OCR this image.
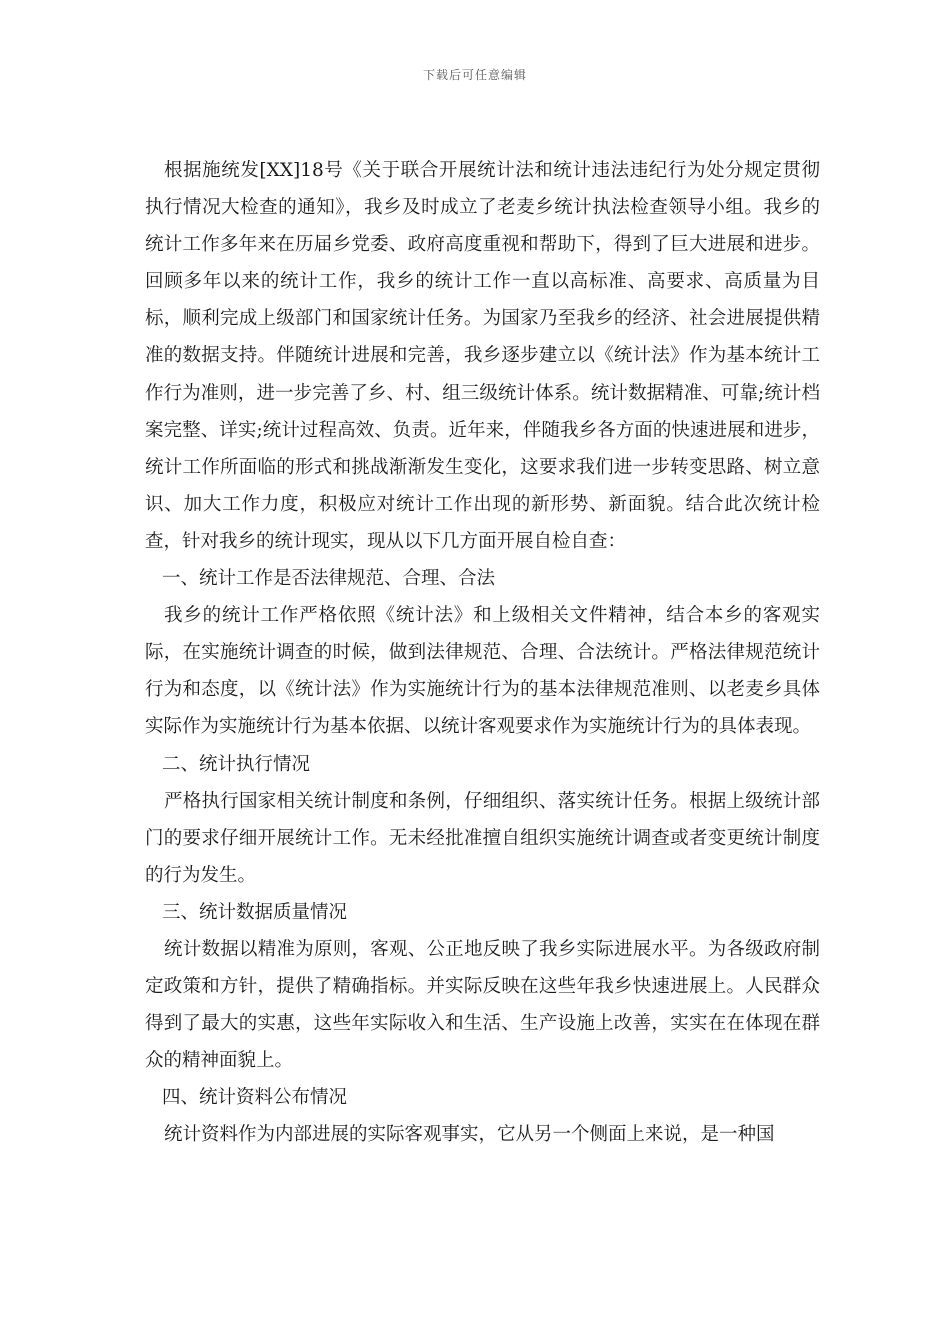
下载后可任意编辑

根据施统发[XX]18号《关于联合开展统计法和统计违法违纪行为处分规定贯彻执行情况大检查的通知》，我乡及时成立了老麦乡统计执法检查领导小组。我乡的统计工作多年来在历届乡党委、政府高度重视和帮助下，得到了巨大进展和进步。回顾多年以来的统计工作，我乡的统计工作一直以高标准、高要求、高质量为目标，顺利完成上级部门和国家统计任务。为国家乃至我乡的经济、社会进展提供精准的数据支持。伴随统计进展和完善，我乡逐步建立以《统计法》作为基本统计工作行为准则，进一步完善了乡、村、组三级统计体系。统计数据精准、可靠;统计档案完整、详实;统计过程高效、负责。近年来，伴随我乡各方面的快速进展和进步，统计工作所面临的形式和挑战渐渐发生变化，这要求我们进一步转变思路、树立意识、加大工作力度，积极应对统计工作出现的新形势、新面貌。结合此次统计检查，针对我乡的统计现实，现从以下几方面开展自检自查：

一、统计工作是否法律规范、合理、合法

我乡的统计工作严格依照《统计法》和上级相关文件精神，结合本乡的客观实际，在实施统计调查的时候，做到法律规范、合理、合法统计。严格法律规范统计行为和态度，以《统计法》作为实施统计行为的基本法律规范准则、以老麦乡具体实际作为实施统计行为基本依据、以统计客观要求作为实施统计行为的具体表现。

二、统计执行情况

严格执行国家相关统计制度和条例，仔细组织、落实统计任务。根据上级统计部门的要求仔细开展统计工作。无未经批准擅自组织实施统计调查或者变更统计制度的行为发生。

三、统计数据质量情况

统计数据以精准为原则，客观、公正地反映了我乡实际进展水平。为各级政府制定政策和方针，提供了精确指标。并实际反映在这些年我乡快速进展上。人民群众得到了最大的实惠，这些年实际收入和生活、生产设施上改善，实实在在体现在群众的精神面貌上。

四、统计资料公布情况

统计资料作为内部进展的实际客观事实，它从另一个侧面上来说，是一种国
